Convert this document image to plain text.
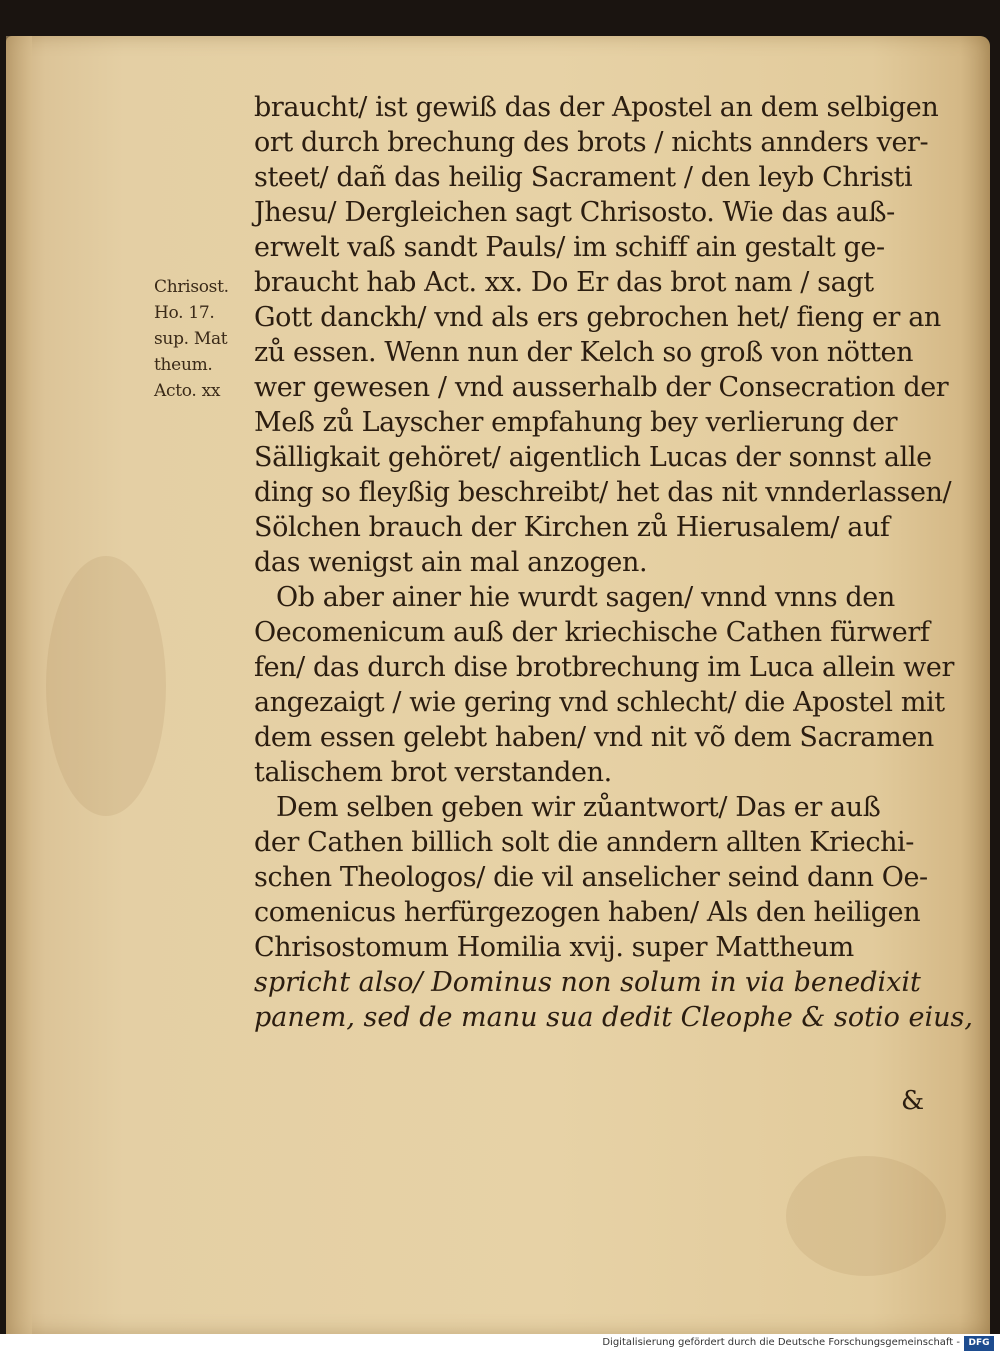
Chrisost.
Ho. 17.
sup. Mat
theum.
Acto. xx
braucht/ ist gewiß das der Apostel an dem selbigen
ort durch brechung des brots / nichts annders ver-
steet/ dañ das heilig Sacrament / den leyb Christi
Jhesu/ Dergleichen sagt Chrisosto. Wie das auß-
erwelt vaß sandt Pauls/ im schiff ain gestalt ge-
braucht hab Act. xx. Do Er das brot nam / sagt
Gott danckh/ vnd als ers gebrochen het/ fieng er an
zů essen. Wenn nun der Kelch so groß von nötten
wer gewesen / vnd ausserhalb der Consecration der
Meß zů Layscher empfahung bey verlierung der
Sälligkait gehöret/ aigentlich Lucas der sonnst alle
ding so fleyßig beschreibt/ het das nit vnnderlassen/
Sölchen brauch der Kirchen zů Hierusalem/ auf
das wenigst ain mal anzogen.
Ob aber ainer hie wurdt sagen/ vnnd vnns den
Oecomenicum auß der kriechische Cathen fürwerf
fen/ das durch dise brotbrechung im Luca allein wer
angezaigt / wie gering vnd schlecht/ die Apostel mit
dem essen gelebt haben/ vnd nit võ dem Sacramen
talischem brot verstanden.
Dem selben geben wir zůantwort/ Das er auß
der Cathen billich solt die anndern allten Kriechi-
schen Theologos/ die vil anselicher seind dann Oe-
comenicus herfürgezogen haben/ Als den heiligen
Chrisostomum Homilia xvij. super Mattheum
spricht also/ Dominus non solum in via benedixit
panem, sed de manu sua dedit Cleophe & sotio eius,
&
Digitalisierung gefördert durch die Deutsche Forschungsgemeinschaft - DFG
